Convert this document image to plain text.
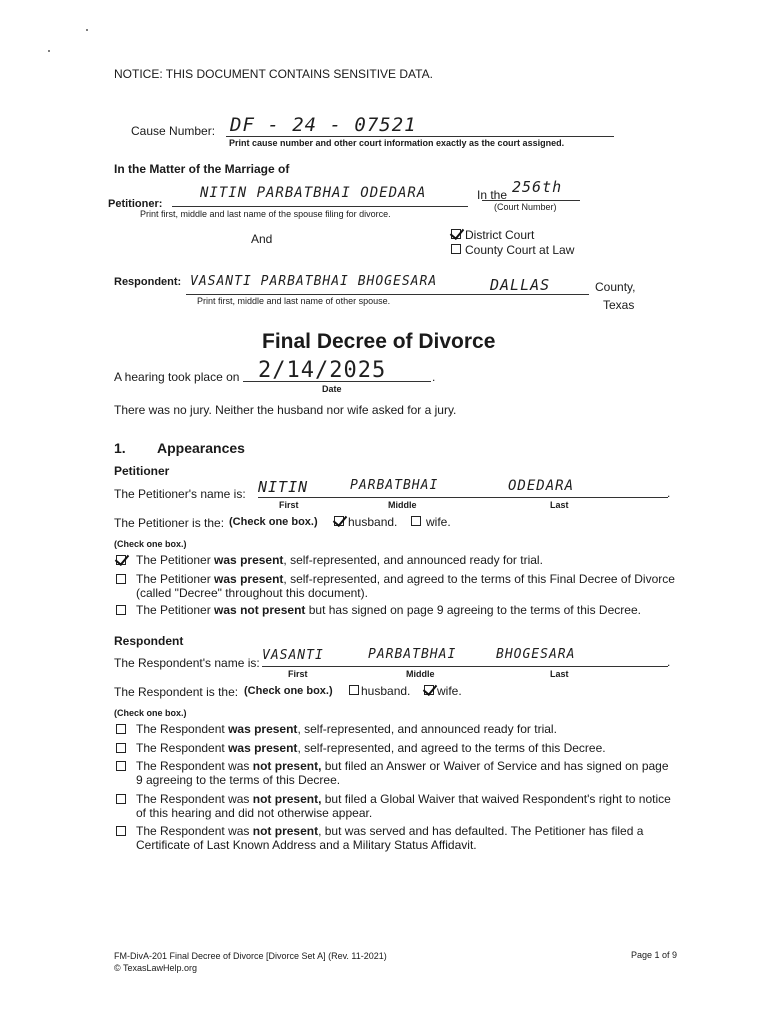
NOTICE: THIS DOCUMENT CONTAINS SENSITIVE DATA.
Cause Number: DF - 24 - 07521
Print cause number and other court information exactly as the court assigned.
In the Matter of the Marriage of
Petitioner:
NITIN PARBATBHAI ODEDARA
Print first, middle and last name of the spouse filing for divorce.
In the 256th
(Court Number)
District Court
County Court at Law
And
Respondent: VASANTI PARBATBHAI BHOGESARA
Print first, middle and last name of other spouse.
DALLAS	County,
Texas
Final Decree of Divorce
A hearing took place on 2/14/2025	.
Date
There was no jury. Neither the husband nor wife asked for a jury.
1. Appearances
Petitioner
The Petitioner's name is: NITIN	PARBATBHAI	ODEDARA	.
First	Middle	Last
The Petitioner is the: (Check one box.)	husband. wife.
(Check one box.)
The Petitioner was present, self-represented, and announced ready for trial.
The Petitioner was present, self-represented, and agreed to the terms of this Final Decree of Divorce
(called "Decree" throughout this document).
The Petitioner was not present but has signed on page 9 agreeing to the terms of this Decree.
Respondent
The Respondent's name is: VASANTI	PARBATBHAI	BHOGESARA	.
First	Middle	Last
The Respondent is the: (Check one box.) husband. wife.
(Check one box.)
The Respondent was present, self-represented, and announced ready for trial.
The Respondent was present, self-represented, and agreed to the terms of this Decree.
The Respondent was not present, but filed an Answer or Waiver of Service and has signed on page
9 agreeing to the terms of this Decree.
The Respondent was not present, but filed a Global Waiver that waived Respondent's right to notice
of this hearing and did not otherwise appear.
The Respondent was not present, but was served and has defaulted. The Petitioner has filed a
Certificate of Last Known Address and a Military Status Affidavit.
FM-DivA-201 Final Decree of Divorce [Divorce Set A] (Rev. 11-2021)
© TexasLawHelp.org
Page 1 of 9
